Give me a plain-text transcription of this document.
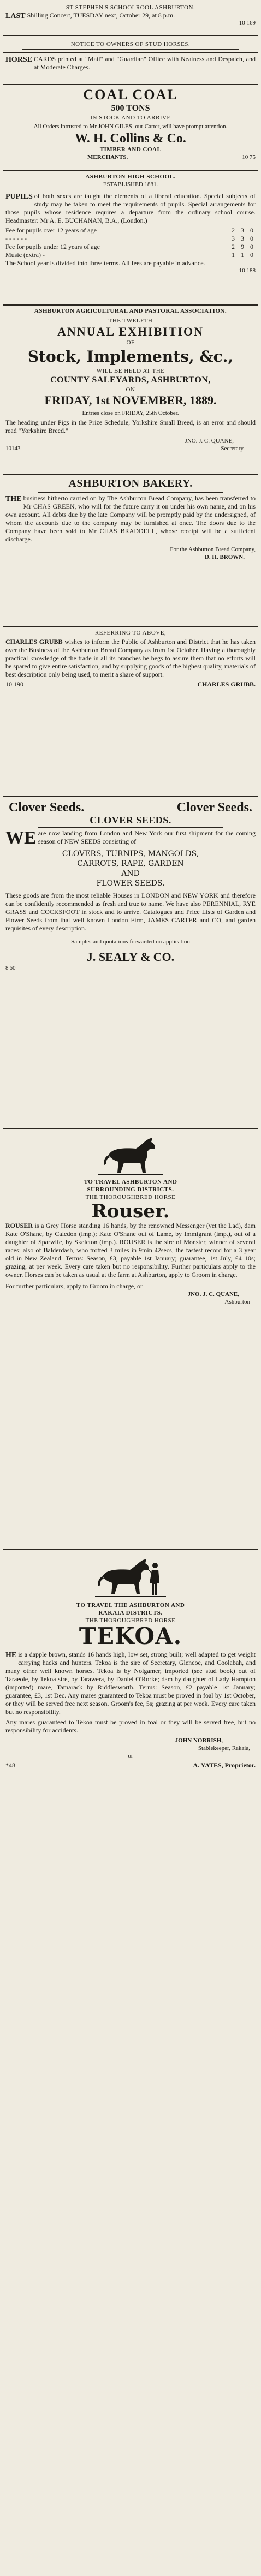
ST STEPHEN'S SCHOOLROOL ASHBURTON.
LAST Shilling Concert, TUESDAY next, October 29, at 8 p.m.
10 169
NOTICE TO OWNERS OF STUD HORSES.
HORSE CARDS printed at "Mail" and "Guardian" Office with Neatness and Despatch, and at Moderate Charges.
COAL COAL
500 TONS
IN STOCK AND TO ARRIVE
All Orders intrusted to Mr JOHN GILES, our Carter, will have prompt attention.
W. H. Collins & Co.
TIMBER AND COAL
MERCHANTS.	10 75
ASHBURTON HIGH SCHOOL.
ESTABLISHED 1881.
PUPILS of both sexes are taught the elements of a liberal education. Special subjects of study may be taken to meet the requirements of pupils. Special arrangements for those pupils whose residence requires a departure from the ordinary school course. Headmaster: Mr A. E. BUCHANAN, B.A., (London.)
Fee for pupils over 12 years of age	2 3 0
- - - - - -	3 3 0
Fee for pupils under 12 years of age	2 9 0
Music (extra) -	1 1 0
The School year is divided into three terms. All fees are payable in advance.
10 188
ASHBURTON AGRICULTURAL AND PASTORAL ASSOCIATION.
THE TWELFTH
ANNUAL EXHIBITION
OF
Stock, Implements, &c.,
WILL BE HELD AT THE
COUNTY SALEYARDS, ASHBURTON,
ON
FRIDAY, 1st NOVEMBER, 1889.
Entries close on FRIDAY, 25th October.
The heading under Pigs in the Prize Schedule, Yorkshire Small Breed, is an error and should read "Yorkshire Breed."
JNO. J. C. QUANE,
10143	Secretary.
ASHBURTON BAKERY.
THE business hitherto carried on by The Ashburton Bread Company, has been transferred to Mr CHAS GREEN, who will for the future carry it on under his own name, and on his own account. All debts due by the late Company will be promptly paid by the undersigned, of whom the accounts due to the company may be furnished at once. The doors due to the Company have been sold to Mr CHAS BRADDELL, whose receipt will be a sufficient discharge.
For the Ashburton Bread Company,
D. H. BROWN.
REFERRING TO ABOVE,
CHARLES GRUBB wishes to inform the Public of Ashburton and District that he has taken over the Business of the Ashburton Bread Company as from 1st October. Having a thoroughly practical knowledge of the trade in all its branches he begs to assure them that no efforts will be spared to give entire satisfaction, and by supplying goods of the highest quality, materials of best description only being used, to merit a share of support.
10 190	CHARLES GRUBB.
Clover Seeds.	Clover Seeds.
CLOVER SEEDS.
WE are now landing from London and New York our first shipment for the coming season of NEW SEEDS consisting of
CLOVERS, TURNIPS, MANGOLDS,
CARROTS, RAPE, GARDEN
AND
FLOWER SEEDS.
These goods are from the most reliable Houses in LONDON and NEW YORK and therefore can be confidently recommended as fresh and true to name. We have also PERENNIAL, RYE GRASS and COCKSFOOT in stock and to arrive. Catalogues and Price Lists of Garden and Flower Seeds from that well known London Firm, JAMES CARTER and CO, and garden requisites of every description.
Samples and quotations forwarded on application
J. SEALY & CO.
8'60
TO TRAVEL ASHBURTON AND
SURROUNDING DISTRICTS.
THE THOROUGHBRED HORSE
Rouser.
ROUSER is a Grey Horse standing 16 hands, by the renowned Messenger (vet the Lad), dam Kate O'Shane, by Caledon (imp.); Kate O'Shane out of Lame, by Immigrant (imp.), out of a daughter of Sparwife, by Skeleton (imp.). ROUSER is the sire of Monster, winner of several races; also of Balderdash, who trotted 3 miles in 9min 42secs, the fastest record for a 3 year old in New Zealand. Terms: Season, £3, payable 1st January; guarantee, 1st July, £4 10s; grazing, at per week. Every care taken but no responsibility. Further particulars apply to the owner. Horses can be taken as usual at the farm at Ashburton, apply to Groom in charge.
For further particulars, apply to Groom in charge, or
JNO. J. C. QUANE,
Ashburton
TO TRAVEL THE ASHBURTON AND
RAKAIA DISTRICTS.
THE THOROUGHBRED HORSE
TEKOA.
HE is a dapple brown, stands 16 hands high, low set, strong built; well adapted to get weight carrying hacks and hunters. Tekoa is the sire of Secretary, Glencoe, and Coolabah, and many other well known horses. Tekoa is by Nolgamer, imported (see stud book) out of Taraeole, by Tekoa sire, by Tarawera, by Daniel O'Rorke; dam by daughter of Lady Hampton (imported) mare, Tamarack by Riddlesworth. Terms: Season, £2 payable 1st January; guarantee, £3, 1st Dec. Any mares guaranteed to Tekoa must be proved in foal by 1st October, or they will be served free next season. Groom's fee, 5s; grazing at per week. Every care taken but no responsibility.
Any mares guaranteed to Tekoa must be proved in foal or they will be served free, but no responsibility for accidents.
JOHN NORRISH,
Stablekeeper, Rakaia,
or
*48	A. YATES, Proprietor.
